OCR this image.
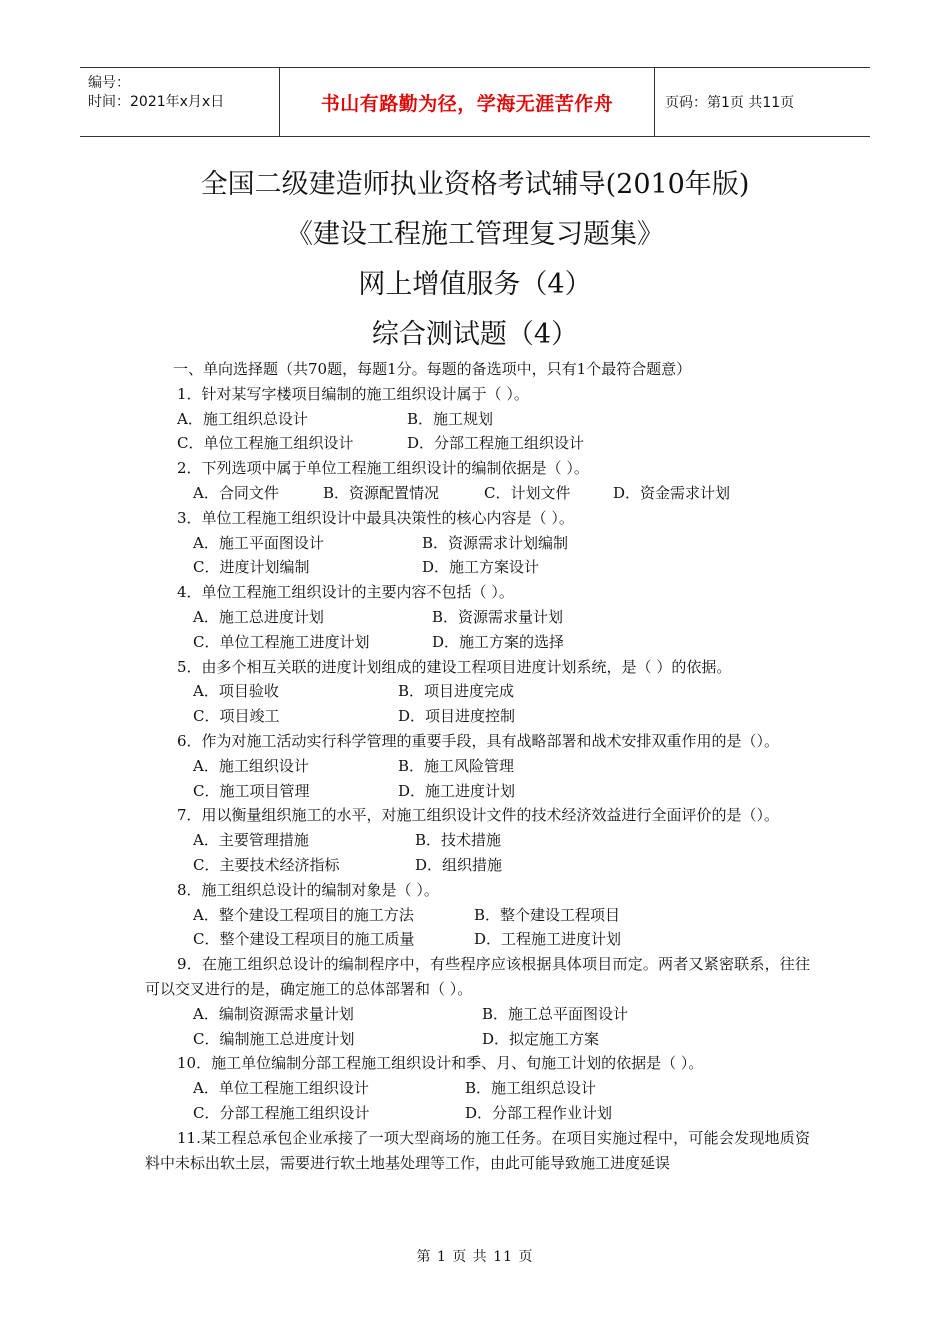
编号：
时间：2021年x月x日	书山有路勤为径，学海无涯苦作舟	页码：第1页 共11页
全国二级建造师执业资格考试辅导(2010年版)
《建设工程施工管理复习题集》
网上增值服务（4）
综合测试题（4）
一、单向选择题（共70题，每题1分。每题的备选项中，只有1个最符合题意）
1．针对某写字楼项目编制的施工组织设计属于（ ）。
A．施工组织总设计	B．施工规划
C．单位工程施工组织设计	D．分部工程施工组织设计
2．下列选项中属于单位工程施工组织设计的编制依据是（ ）。
A．合同文件	B．资源配置情况	C．计划文件	D．资金需求计划
3．单位工程施工组织设计中最具决策性的核心内容是（ ）。
A．施工平面图设计	B．资源需求计划编制
C．进度计划编制	D．施工方案设计
4．单位工程施工组织设计的主要内容不包括（ ）。
A．施工总进度计划	B．资源需求量计划
C．单位工程施工进度计划	D．施工方案的选择
5．由多个相互关联的进度计划组成的建设工程项目进度计划系统，是（ ）的依据。
A．项目验收	B．项目进度完成
C．项目竣工	D．项目进度控制
6．作为对施工活动实行科学管理的重要手段，具有战略部署和战术安排双重作用的是（）。
A．施工组织设计	B．施工风险管理
C．施工项目管理	D．施工进度计划
7．用以衡量组织施工的水平，对施工组织设计文件的技术经济效益进行全面评价的是（）。
A．主要管理措施	B．技术措施
C．主要技术经济指标	D．组织措施
8．施工组织总设计的编制对象是（ ）。
A．整个建设工程项目的施工方法	B．整个建设工程项目
C．整个建设工程项目的施工质量	D．工程施工进度计划
9．在施工组织总设计的编制程序中，有些程序应该根据具体项目而定。两者又紧密联系，往往可以交叉进行的是，确定施工的总体部署和（ ）。
A．编制资源需求量计划	B．施工总平面图设计
C．编制施工总进度计划	D．拟定施工方案
10．施工单位编制分部工程施工组织设计和季、月、旬施工计划的依据是（ ）。
A．单位工程施工组织设计	B．施工组织总设计
C．分部工程施工组织设计	D．分部工程作业计划
11.某工程总承包企业承接了一项大型商场的施工任务。在项目实施过程中，可能会发现地质资料中未标出软土层，需要进行软土地基处理等工作，由此可能导致施工进度延误
第 1 页 共 11 页
